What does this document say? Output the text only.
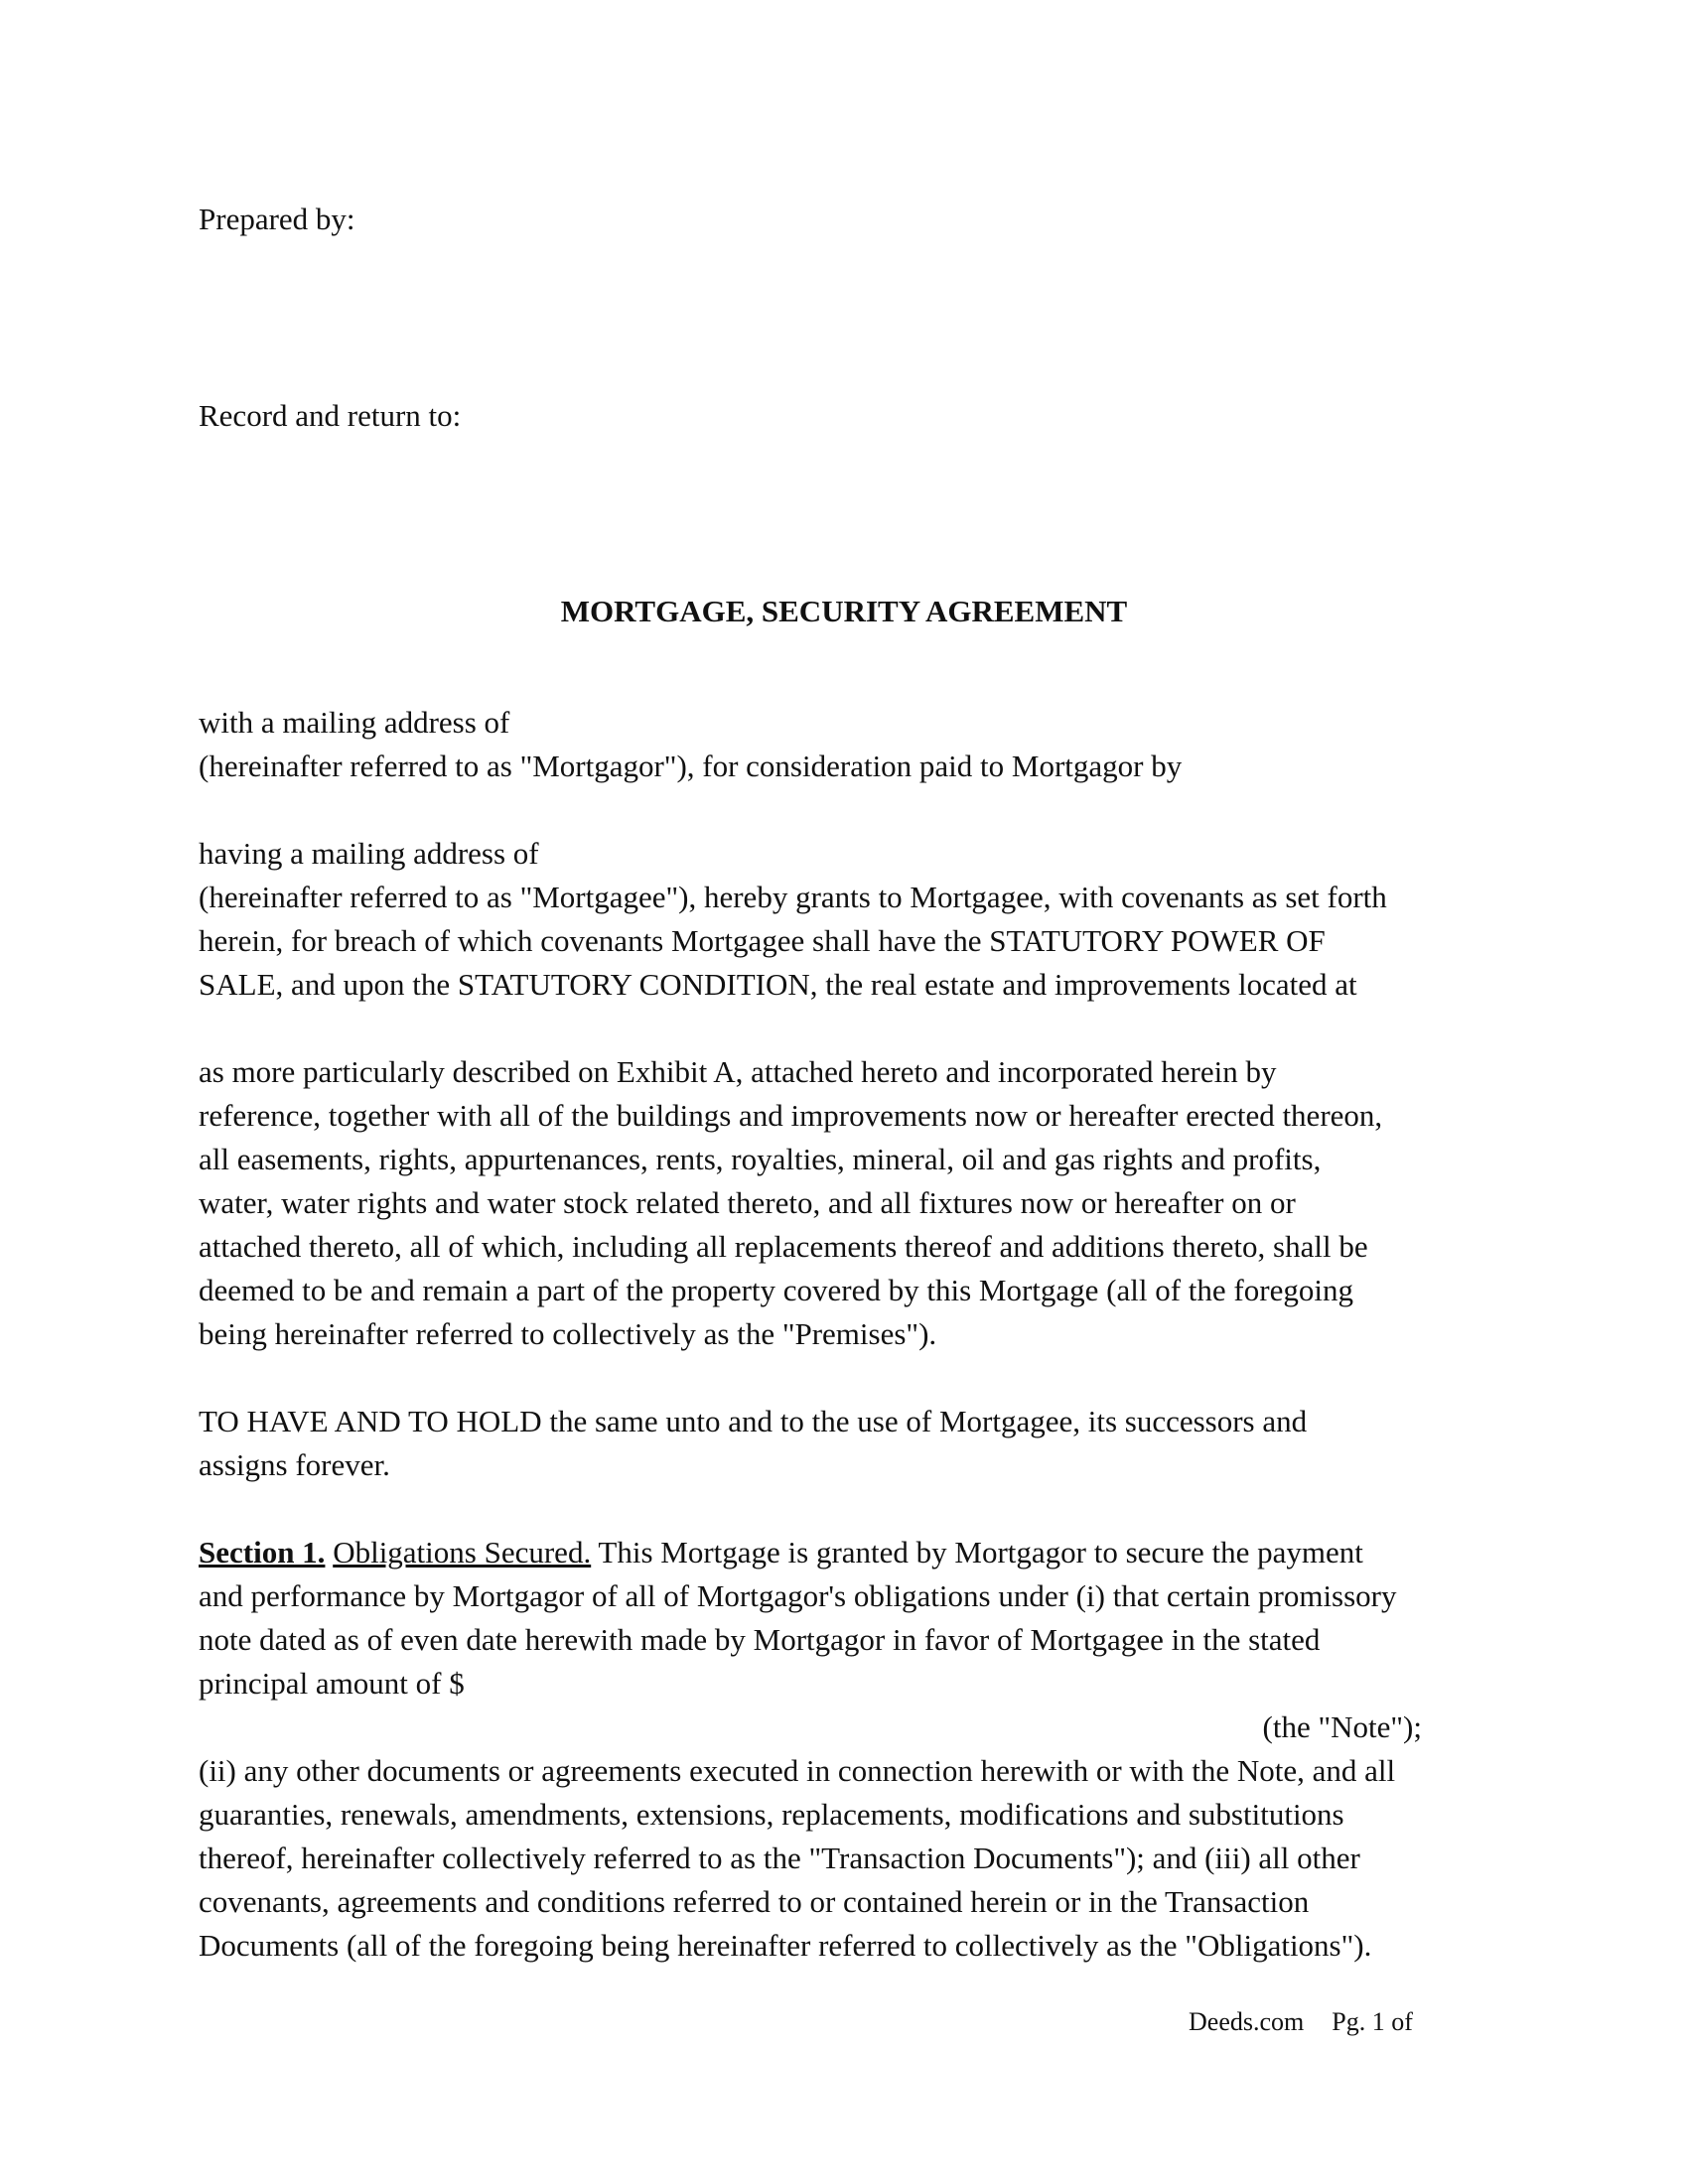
Prepared by:

Record and return to:

MORTGAGE, SECURITY AGREEMENT

with a mailing address of

(hereinafter referred to as "Mortgagor"), for consideration paid to Mortgagor by

having a mailing address of

(hereinafter referred to as "Mortgagee"), hereby grants to Mortgagee, with covenants as set forth

herein, for breach of which covenants Mortgagee shall have the STATUTORY POWER OF

SALE, and upon the STATUTORY CONDITION, the real estate and improvements located at

as more particularly described on Exhibit A, attached hereto and incorporated herein by

reference, together with all of the buildings and improvements now or hereafter erected thereon,

all easements, rights, appurtenances, rents, royalties, mineral, oil and gas rights and profits,

water, water rights and water stock related thereto, and all fixtures now or hereafter on or

attached thereto, all of which, including all replacements thereof and additions thereto, shall be

deemed to be and remain a part of the property covered by this Mortgage (all of the foregoing

being hereinafter referred to collectively as the "Premises").

TO HAVE AND TO HOLD the same unto and to the use of Mortgagee, its successors and

assigns forever.

Section 1. Obligations Secured. This Mortgage is granted by Mortgagor to secure the payment

and performance by Mortgagor of all of Mortgagor's obligations under (i) that certain promissory

note dated as of even date herewith made by Mortgagor in favor of Mortgagee in the stated

principal amount of $

(the "Note");

(ii) any other documents or agreements executed in connection herewith or with the Note, and all

guaranties, renewals, amendments, extensions, replacements, modifications and substitutions

thereof, hereinafter collectively referred to as the "Transaction Documents"); and (iii) all other

covenants, agreements and conditions referred to or contained herein or in the Transaction

Documents (all of the foregoing being hereinafter referred to collectively as the "Obligations").

Deeds.com Pg. 1 of
